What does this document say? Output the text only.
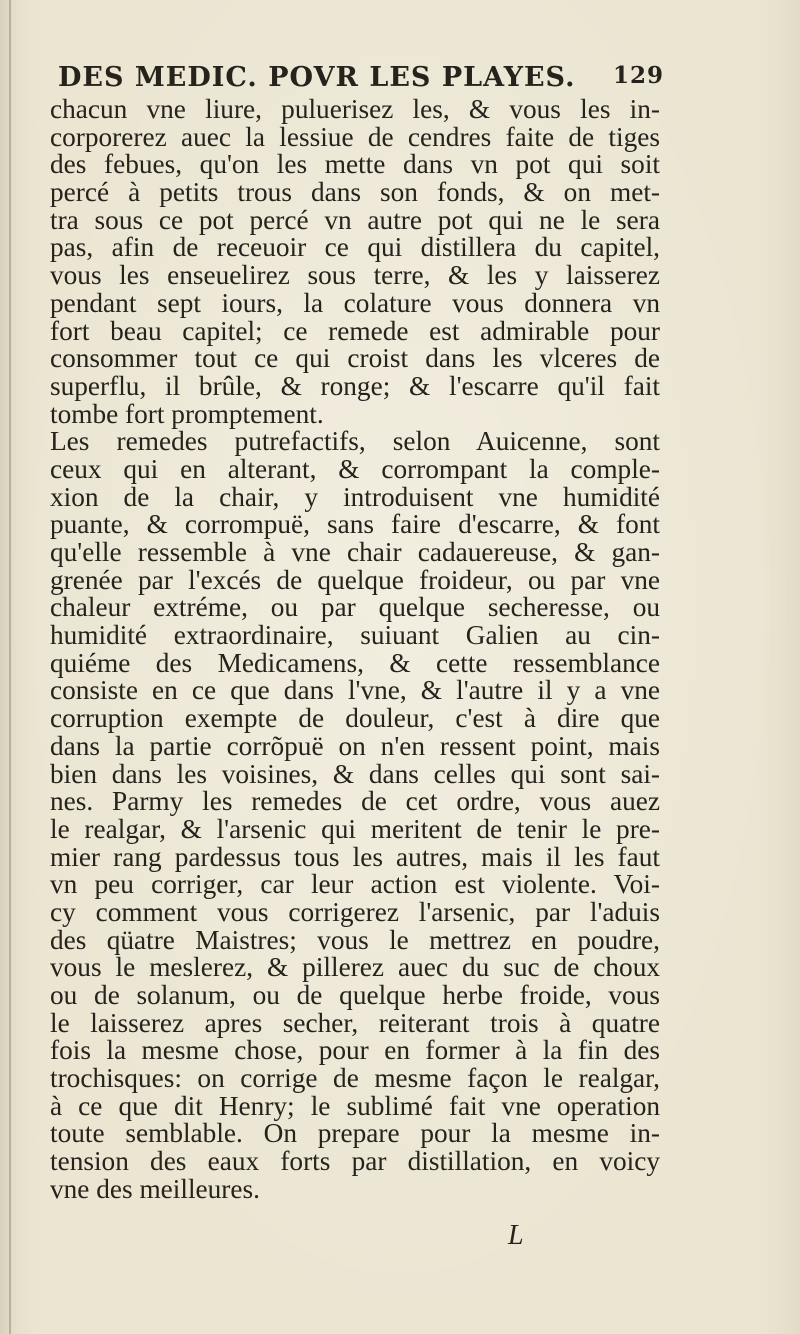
DES MEDIC. POVR LES PLAYES. 129
chacun vne liure, puluerisez les, & vous les in-
corporerez auec la lessiue de cendres faite de tiges
des febues, qu'on les mette dans vn pot qui soit
percé à petits trous dans son fonds, & on met-
tra sous ce pot percé vn autre pot qui ne le sera
pas, afin de receuoir ce qui distillera du capitel,
vous les enseuelirez sous terre, & les y laisserez
pendant sept iours, la colature vous donnera vn
fort beau capitel; ce remede est admirable pour
consommer tout ce qui croist dans les vlceres de
superflu, il brûle, & ronge; & l'escarre qu'il fait
tombe fort promptement.
Les remedes putrefactifs, selon Auicenne, sont
ceux qui en alterant, & corrompant la comple-
xion de la chair, y introduisent vne humidité
puante, & corrompuë, sans faire d'escarre, & font
qu'elle ressemble à vne chair cadauereuse, & gan-
grenée par l'excés de quelque froideur, ou par vne
chaleur extréme, ou par quelque secheresse, ou
humidité extraordinaire, suiuant Galien au cin-
quiéme des Medicamens, & cette ressemblance
consiste en ce que dans l'vne, & l'autre il y a vne
corruption exempte de douleur, c'est à dire que
dans la partie corrõpuë on n'en ressent point, mais
bien dans les voisines, & dans celles qui sont sai-
nes. Parmy les remedes de cet ordre, vous auez
le realgar, & l'arsenic qui meritent de tenir le pre-
mier rang pardessus tous les autres, mais il les faut
vn peu corriger, car leur action est violente. Voi-
cy comment vous corrigerez l'arsenic, par l'aduis
des qüatre Maistres; vous le mettrez en poudre,
vous le meslerez, & pillerez auec du suc de choux
ou de solanum, ou de quelque herbe froide, vous
le laisserez apres secher, reiterant trois à quatre
fois la mesme chose, pour en former à la fin des
trochisques: on corrige de mesme façon le realgar,
à ce que dit Henry; le sublimé fait vne operation
toute semblable. On prepare pour la mesme in-
tension des eaux forts par distillation, en voicy
vne des meilleures.
L
